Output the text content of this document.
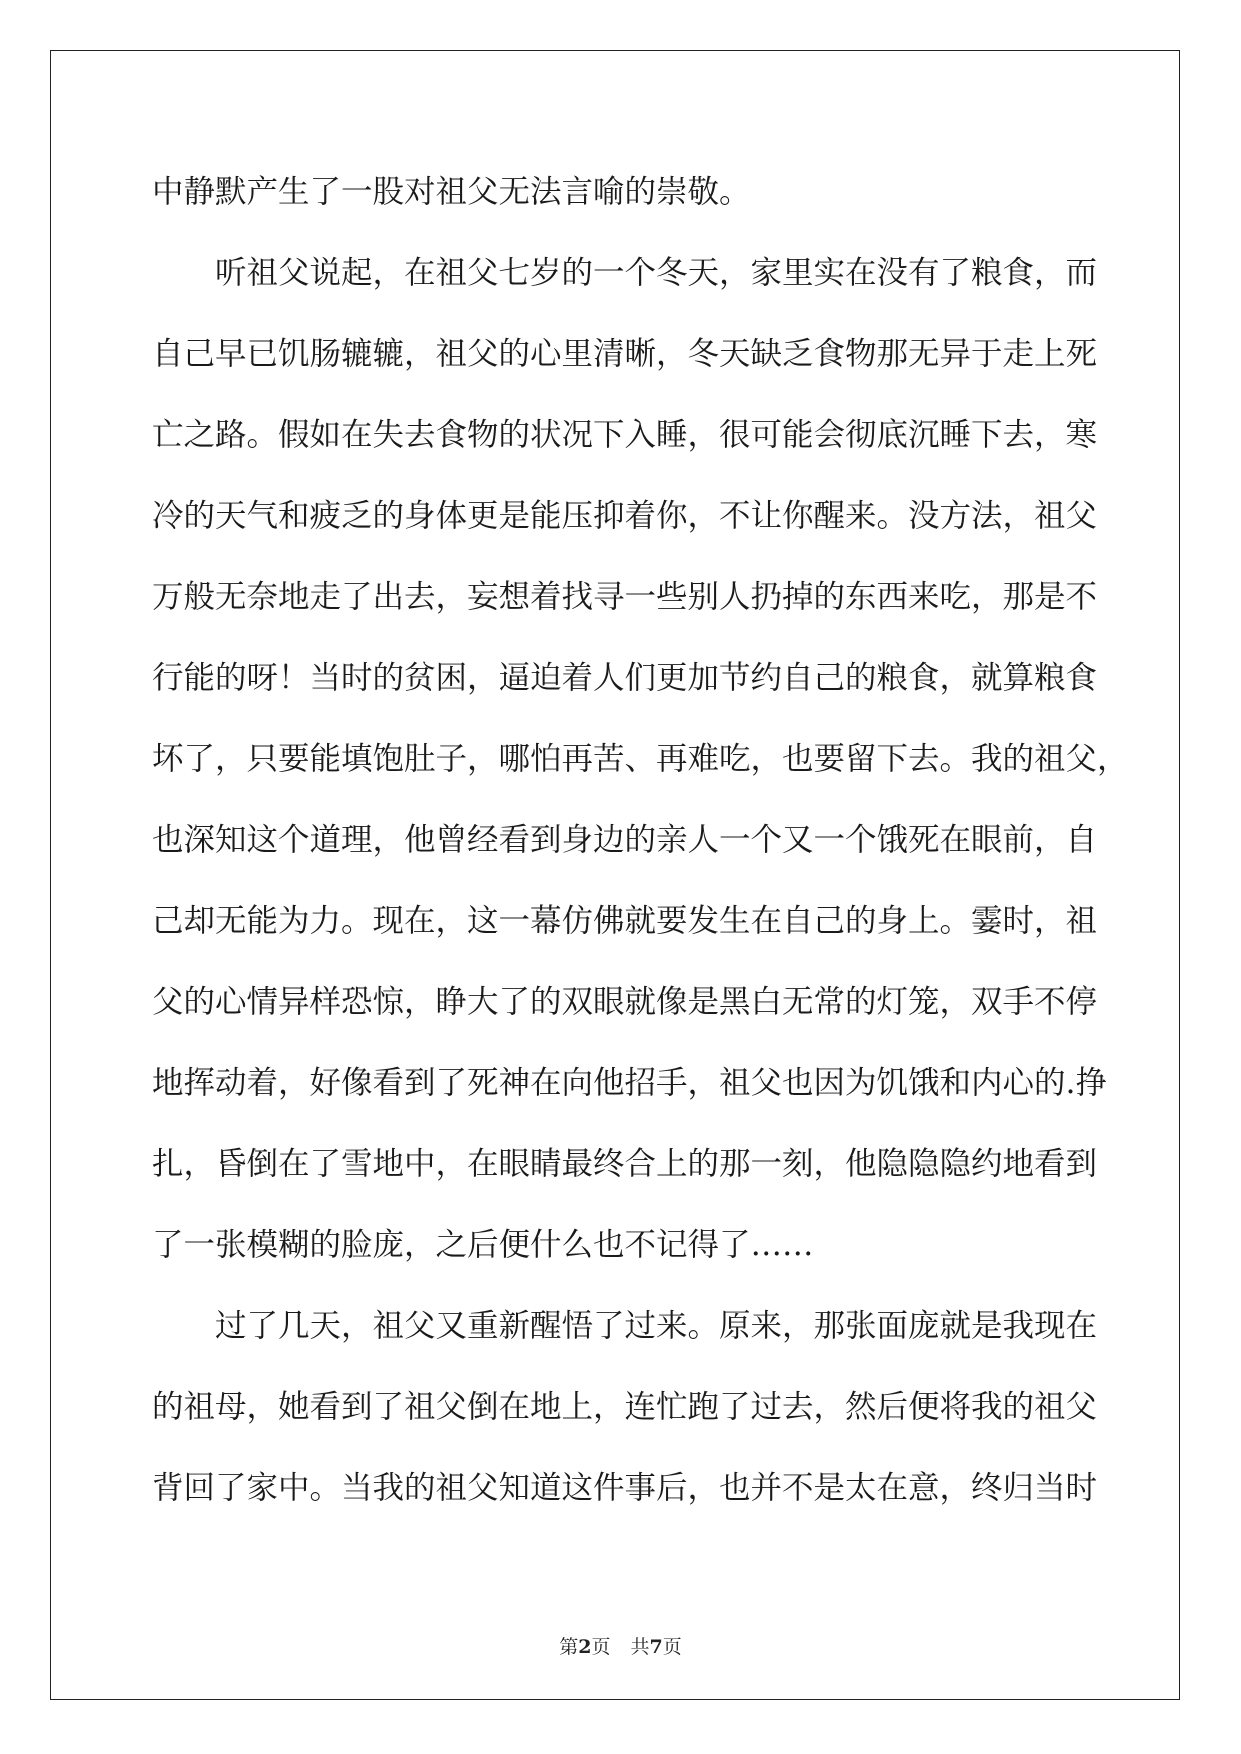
中静默产生了一股对祖父无法言喻的崇敬。
听祖父说起，在祖父七岁的一个冬天，家里实在没有了粮食，而
自己早已饥肠辘辘，祖父的心里清晰，冬天缺乏食物那无异于走上死
亡之路。假如在失去食物的状况下入睡，很可能会彻底沉睡下去，寒
冷的天气和疲乏的身体更是能压抑着你，不让你醒来。没方法，祖父
万般无奈地走了出去，妄想着找寻一些别人扔掉的东西来吃，那是不
行能的呀！当时的贫困，逼迫着人们更加节约自己的粮食，就算粮食
坏了，只要能填饱肚子，哪怕再苦、再难吃，也要留下去。我的祖父，
也深知这个道理，他曾经看到身边的亲人一个又一个饿死在眼前，自
己却无能为力。现在，这一幕仿佛就要发生在自己的身上。霎时，祖
父的心情异样恐惊，睁大了的双眼就像是黑白无常的灯笼，双手不停
地挥动着，好像看到了死神在向他招手，祖父也因为饥饿和内心的.挣
扎，昏倒在了雪地中，在眼睛最终合上的那一刻，他隐隐隐约地看到
了一张模糊的脸庞，之后便什么也不记得了……
过了几天，祖父又重新醒悟了过来。原来，那张面庞就是我现在
的祖母，她看到了祖父倒在地上，连忙跑了过去，然后便将我的祖父
背回了家中。当我的祖父知道这件事后，也并不是太在意，终归当时
第2页 共7页
